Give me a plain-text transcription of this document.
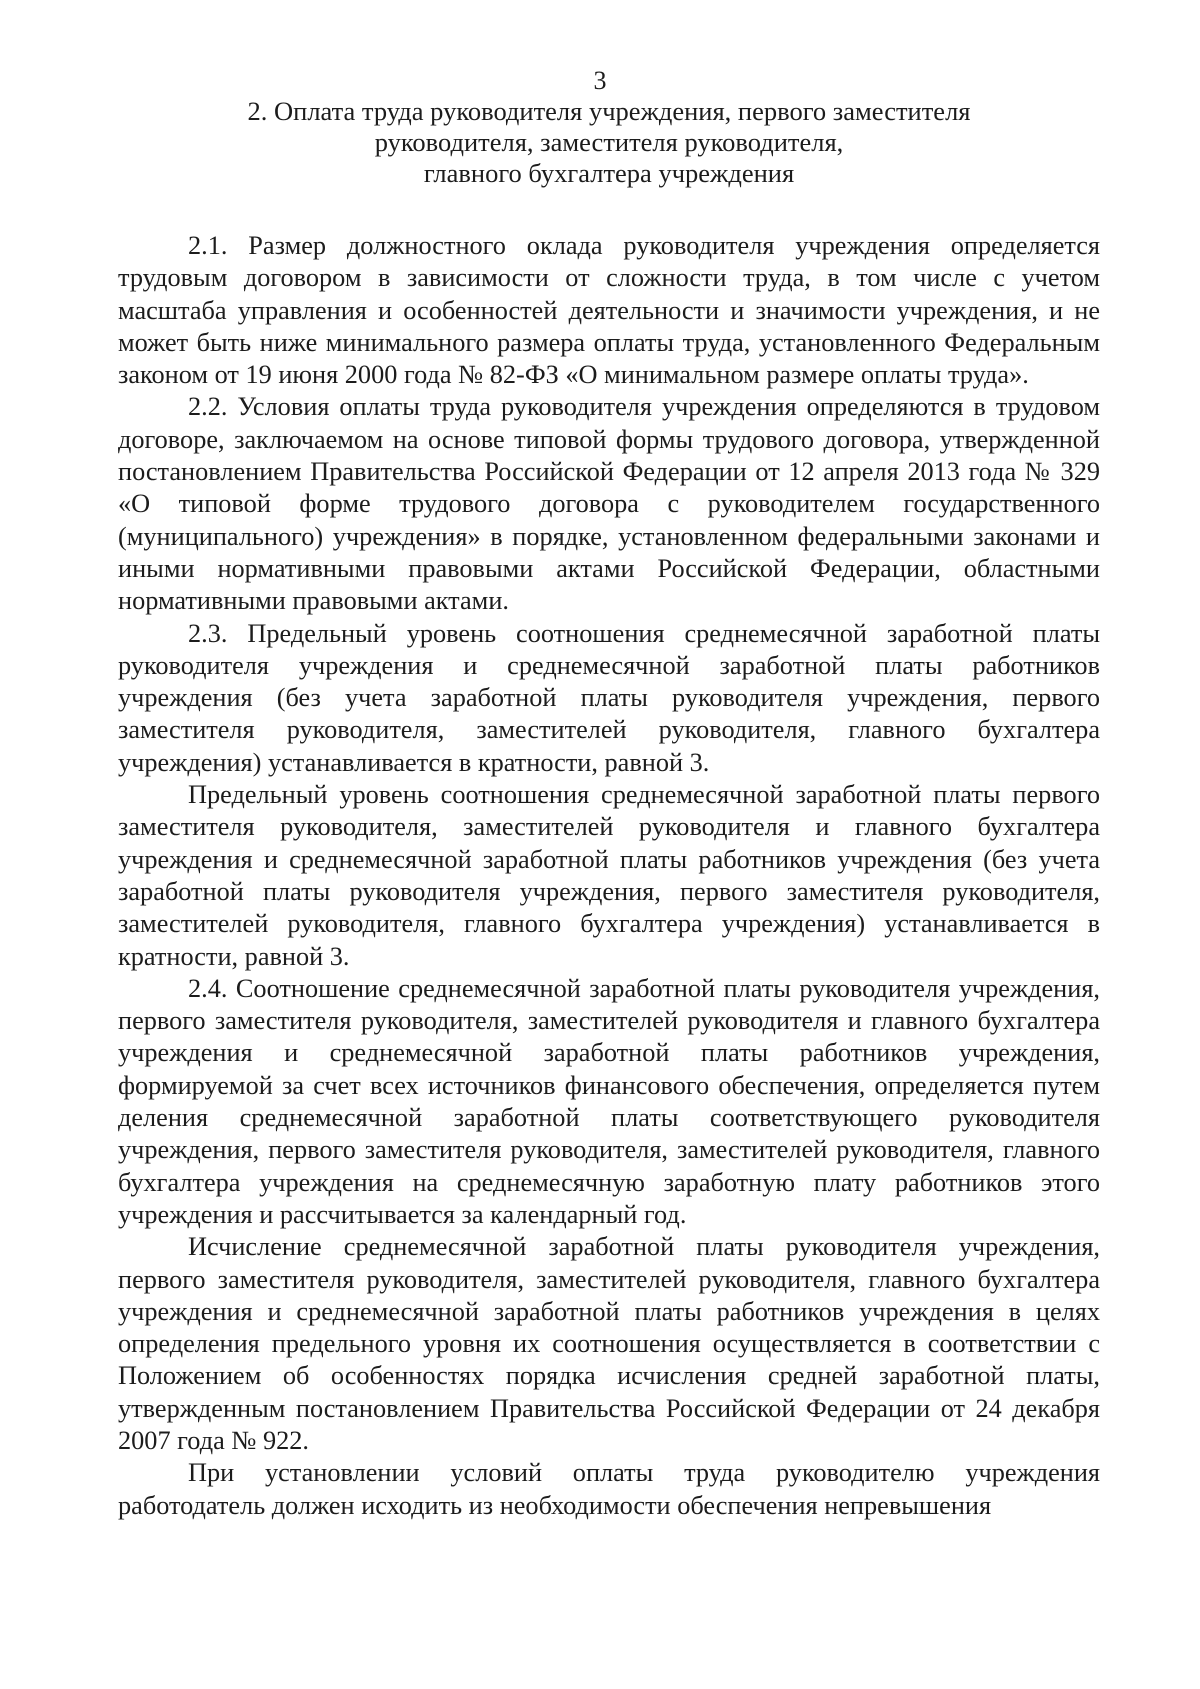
3
2. Оплата труда руководителя учреждения, первого заместителя
руководителя, заместителя руководителя,
главного бухгалтера учреждения

2.1. Размер должностного оклада руководителя учреждения определяется трудовым договором в зависимости от сложности труда, в том числе с учетом масштаба управления и особенностей деятельности и значимости учреждения, и не может быть ниже минимального размера оплаты труда, установленного Федеральным законом от 19 июня 2000 года № 82-ФЗ «О минимальном размере оплаты труда».

2.2. Условия оплаты труда руководителя учреждения определяются в трудовом договоре, заключаемом на основе типовой формы трудового договора, утвержденной постановлением Правительства Российской Федерации от 12 апреля 2013 года № 329 «О типовой форме трудового договора с руководителем государственного (муниципального) учреждения» в порядке, установленном федеральными законами и иными нормативными правовыми актами Российской Федерации, областными нормативными правовыми актами.

2.3. Предельный уровень соотношения среднемесячной заработной платы руководителя учреждения и среднемесячной заработной платы работников учреждения (без учета заработной платы руководителя учреждения, первого заместителя руководителя, заместителей руководителя, главного бухгалтера учреждения) устанавливается в кратности, равной 3.

Предельный уровень соотношения среднемесячной заработной платы первого заместителя руководителя, заместителей руководителя и главного бухгалтера учреждения и среднемесячной заработной платы работников учреждения (без учета заработной платы руководителя учреждения, первого заместителя руководителя, заместителей руководителя, главного бухгалтера учреждения) устанавливается в кратности, равной 3.

2.4. Соотношение среднемесячной заработной платы руководителя учреждения, первого заместителя руководителя, заместителей руководителя и главного бухгалтера учреждения и среднемесячной заработной платы работников учреждения, формируемой за счет всех источников финансового обеспечения, определяется путем деления среднемесячной заработной платы соответствующего руководителя учреждения, первого заместителя руководителя, заместителей руководителя, главного бухгалтера учреждения на среднемесячную заработную плату работников этого учреждения и рассчитывается за календарный год.

Исчисление среднемесячной заработной платы руководителя учреждения, первого заместителя руководителя, заместителей руководителя, главного бухгалтера учреждения и среднемесячной заработной платы работников учреждения в целях определения предельного уровня их соотношения осуществляется в соответствии с Положением об особенностях порядка исчисления средней заработной платы, утвержденным постановлением Правительства Российской Федерации от 24 декабря 2007 года № 922.

При установлении условий оплаты труда руководителю учреждения работодатель должен исходить из необходимости обеспечения непревышения
